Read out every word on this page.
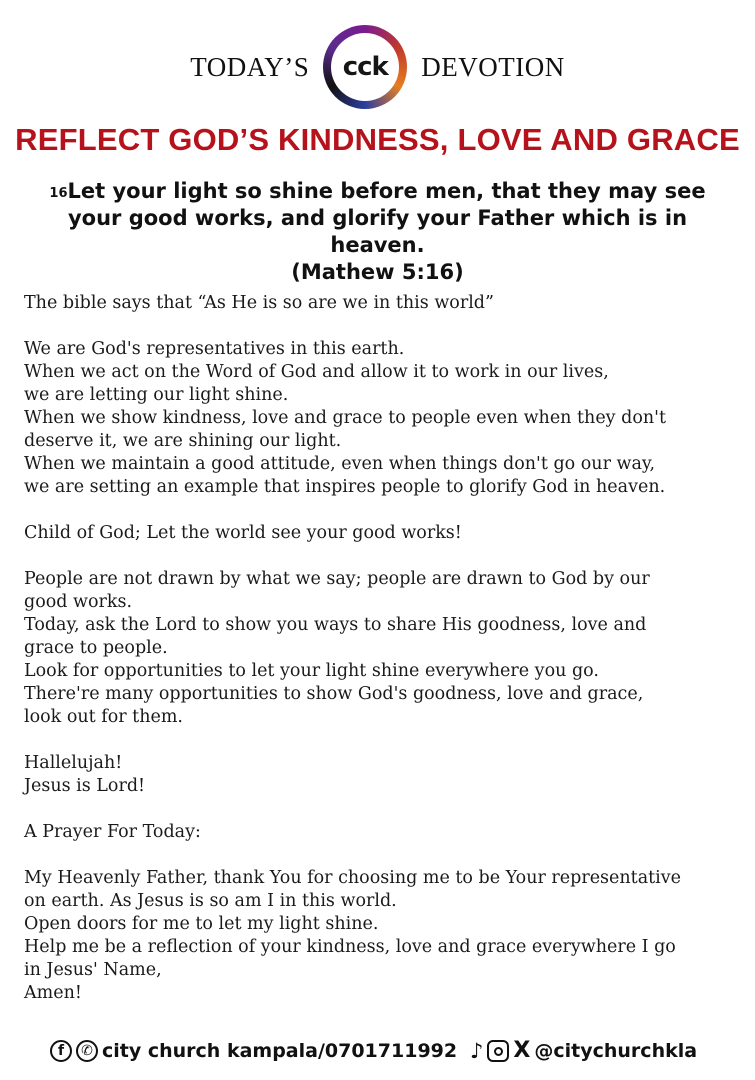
TODAY’S cck DEVOTION
REFLECT GOD’S KINDNESS, LOVE AND GRACE
$^{16}$Let your light so shine before men, that they may see your good works, and glorify your Father which is in heaven.
(Mathew 5:16)

The bible says that “As He is so are we in this world”

We are God's representatives in this earth.
When we act on the Word of God and allow it to work in our lives,
we are letting our light shine.
When we show kindness, love and grace to people even when they don't
deserve it, we are shining our light.
When we maintain a good attitude, even when things don't go our way,
we are setting an example that inspires people to glorify God in heaven.

Child of God; Let the world see your good works!

People are not drawn by what we say; people are drawn to God by our
good works.
Today, ask the Lord to show you ways to share His goodness, love and
grace to people.
Look for opportunities to let your light shine everywhere you go.
There're many opportunities to show God's goodness, love and grace,
look out for them.

Hallelujah!
Jesus is Lord!

A Prayer For Today:

My Heavenly Father, thank You for choosing me to be Your representative
on earth. As Jesus is so am I in this world.
Open doors for me to let my light shine.
Help me be a reflection of your kindness, love and grace everywhere I go
in Jesus' Name,
Amen!

f	✆ city church kampala/0701711992 ♪ X @citychurchkla
